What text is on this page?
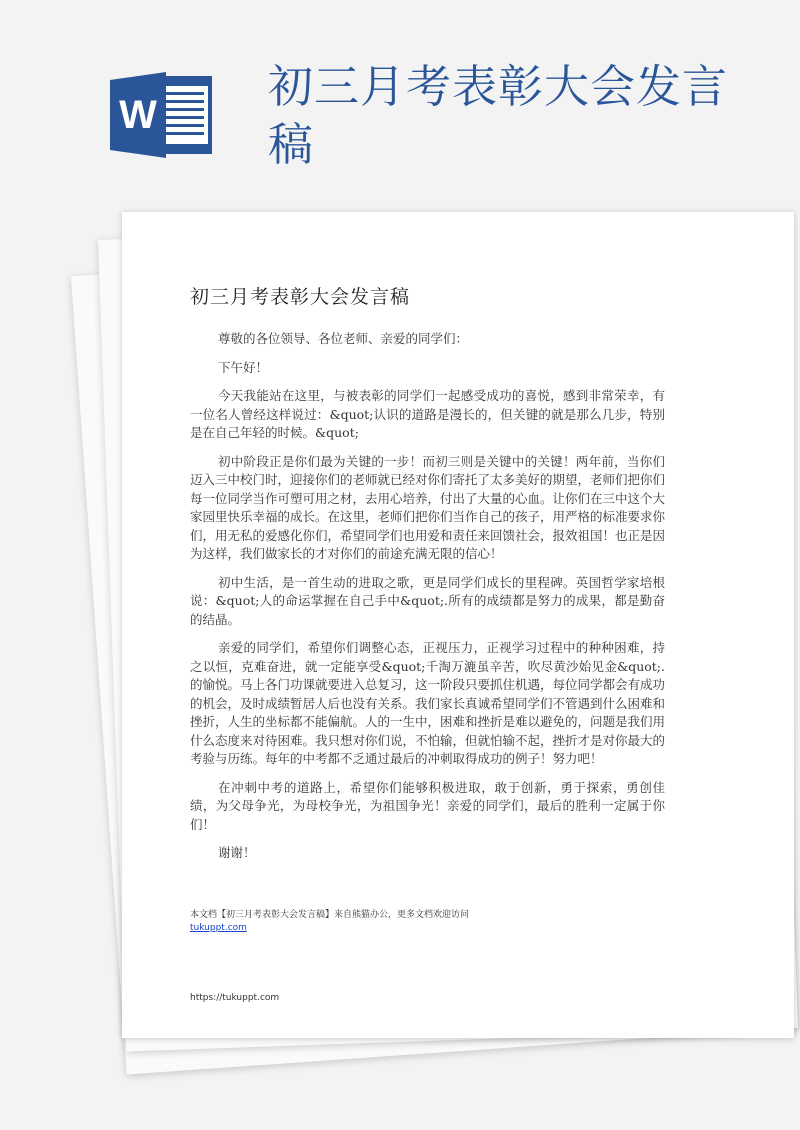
W
初三月考表彰大会发言稿
初三月考表彰大会发言稿

尊敬的各位领导、各位老师、亲爱的同学们：

下午好！

今天我能站在这里，与被表彰的同学们一起感受成功的喜悦，感到非常荣幸，有一位名人曾经这样说过：&quot;认识的道路是漫长的，但关键的就是那么几步，特别是在自己年轻的时候。&quot;

初中阶段正是你们最为关键的一步！而初三则是关键中的关键！两年前，当你们迈入三中校门时，迎接你们的老师就已经对你们寄托了太多美好的期望，老师们把你们每一位同学当作可塑可用之材，去用心培养，付出了大量的心血。让你们在三中这个大家园里快乐幸福的成长。在这里，老师们把你们当作自己的孩子，用严格的标准要求你们，用无私的爱感化你们，希望同学们也用爱和责任来回馈社会，报效祖国！也正是因为这样，我们做家长的才对你们的前途充满无限的信心！

初中生活，是一首生动的进取之歌，更是同学们成长的里程碑。英国哲学家培根说：&quot;人的命运掌握在自己手中&quot;.所有的成绩都是努力的成果，都是勤奋的结晶。

亲爱的同学们，希望你们调整心态，正视压力，正视学习过程中的种种困难，持之以恒，克难奋进，就一定能享受&quot;千淘万漉虽辛苦，吹尽黄沙始见金&quot;.的愉悦。马上各门功课就要进入总复习，这一阶段只要抓住机遇，每位同学都会有成功的机会，及时成绩暂居人后也没有关系。我们家长真诚希望同学们不管遇到什么困难和挫折，人生的坐标都不能偏航。人的一生中，困难和挫折是难以避免的，问题是我们用什么态度来对待困难。我只想对你们说，不怕输，但就怕输不起，挫折才是对你最大的考验与历练。每年的中考都不乏通过最后的冲刺取得成功的例子！努力吧！

在冲刺中考的道路上，希望你们能够积极进取，敢于创新，勇于探索，勇创佳绩，为父母争光，为母校争光，为祖国争光！亲爱的同学们，最后的胜利一定属于你们！

谢谢！

本文档【初三月考表彰大会发言稿】来自熊猫办公，更多文档欢迎访问
tukuppt.com
https://tukuppt.com
